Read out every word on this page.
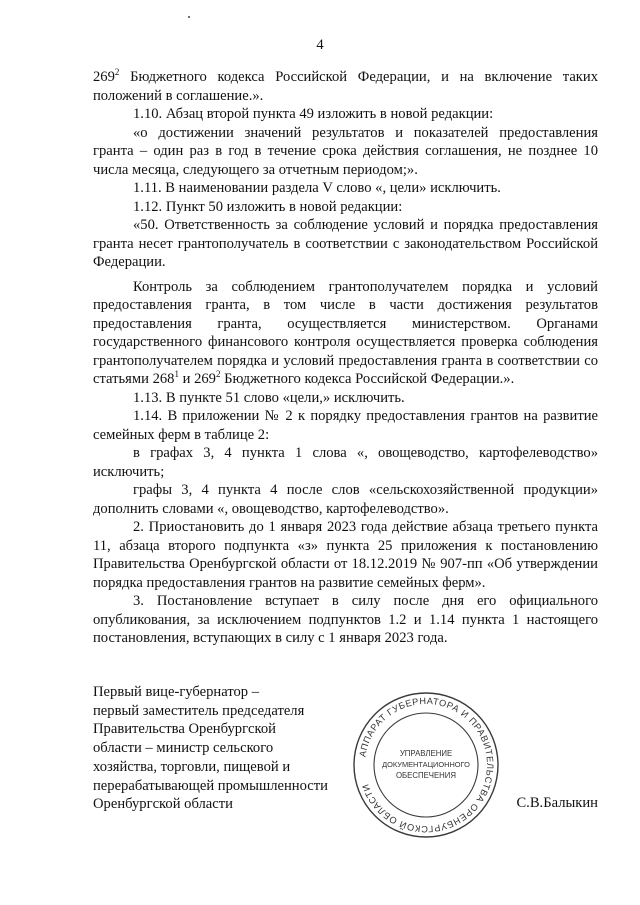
4

$269^2$ Бюджетного кодекса Российской Федерации, и на включение таких положений в соглашение.».

1.10. Абзац второй пункта 49 изложить в новой редакции:

«о достижении значений результатов и показателей предоставления гранта – один раз в год в течение срока действия соглашения, не позднее 10 числа месяца, следующего за отчетным периодом;».

1.11. В наименовании раздела V слово «, цели» исключить.

1.12. Пункт 50 изложить в новой редакции:

«50. Ответственность за соблюдение условий и порядка предоставления гранта несет грантополучатель в соответствии с законодательством Российской Федерации.

Контроль за соблюдением грантополучателем порядка и условий предоставления гранта, в том числе в части достижения результатов предоставления гранта, осуществляется министерством. Органами государственного финансового контроля осуществляется проверка соблюдения грантополучателем порядка и условий предоставления гранта в соответствии со статьями $268^1$ и $269^2$ Бюджетного кодекса Российской Федерации.».

1.13. В пункте 51 слово «цели,» исключить.

1.14. В приложении № 2 к порядку предоставления грантов на развитие семейных ферм в таблице 2:

в графах 3, 4 пункта 1 слова «, овощеводство, картофелеводство» исключить;

графы 3, 4 пункта 4 после слов «сельскохозяйственной продукции» дополнить словами «, овощеводство, картофелеводство».

2. Приостановить до 1 января 2023 года действие абзаца третьего пункта 11, абзаца второго подпункта «з» пункта 25 приложения к постановлению Правительства Оренбургской области от 18.12.2019 № 907-пп «Об утверждении порядка предоставления грантов на развитие семейных ферм».

3. Постановление вступает в силу после дня его официального опубликования, за исключением подпунктов 1.2 и 1.14 пункта 1 настоящего постановления, вступающих в силу с 1 января 2023 года.

Первый вице-губернатор –
первый заместитель председателя
Правительства Оренбургской
области – министр сельского
хозяйства, торговли, пищевой и
перерабатывающей промышленности
Оренбургской области
АППАРАТ ГУБЕРНАТОРА И ПРАВИТЕЛЬСТВА ОРЕНБУРГСКОЙ ОБЛАСТИ
УПРАВЛЕНИЕ
ДОКУМЕНТАЦИОННОГО
ОБЕСПЕЧЕНИЯ
С.В.Балыкин
